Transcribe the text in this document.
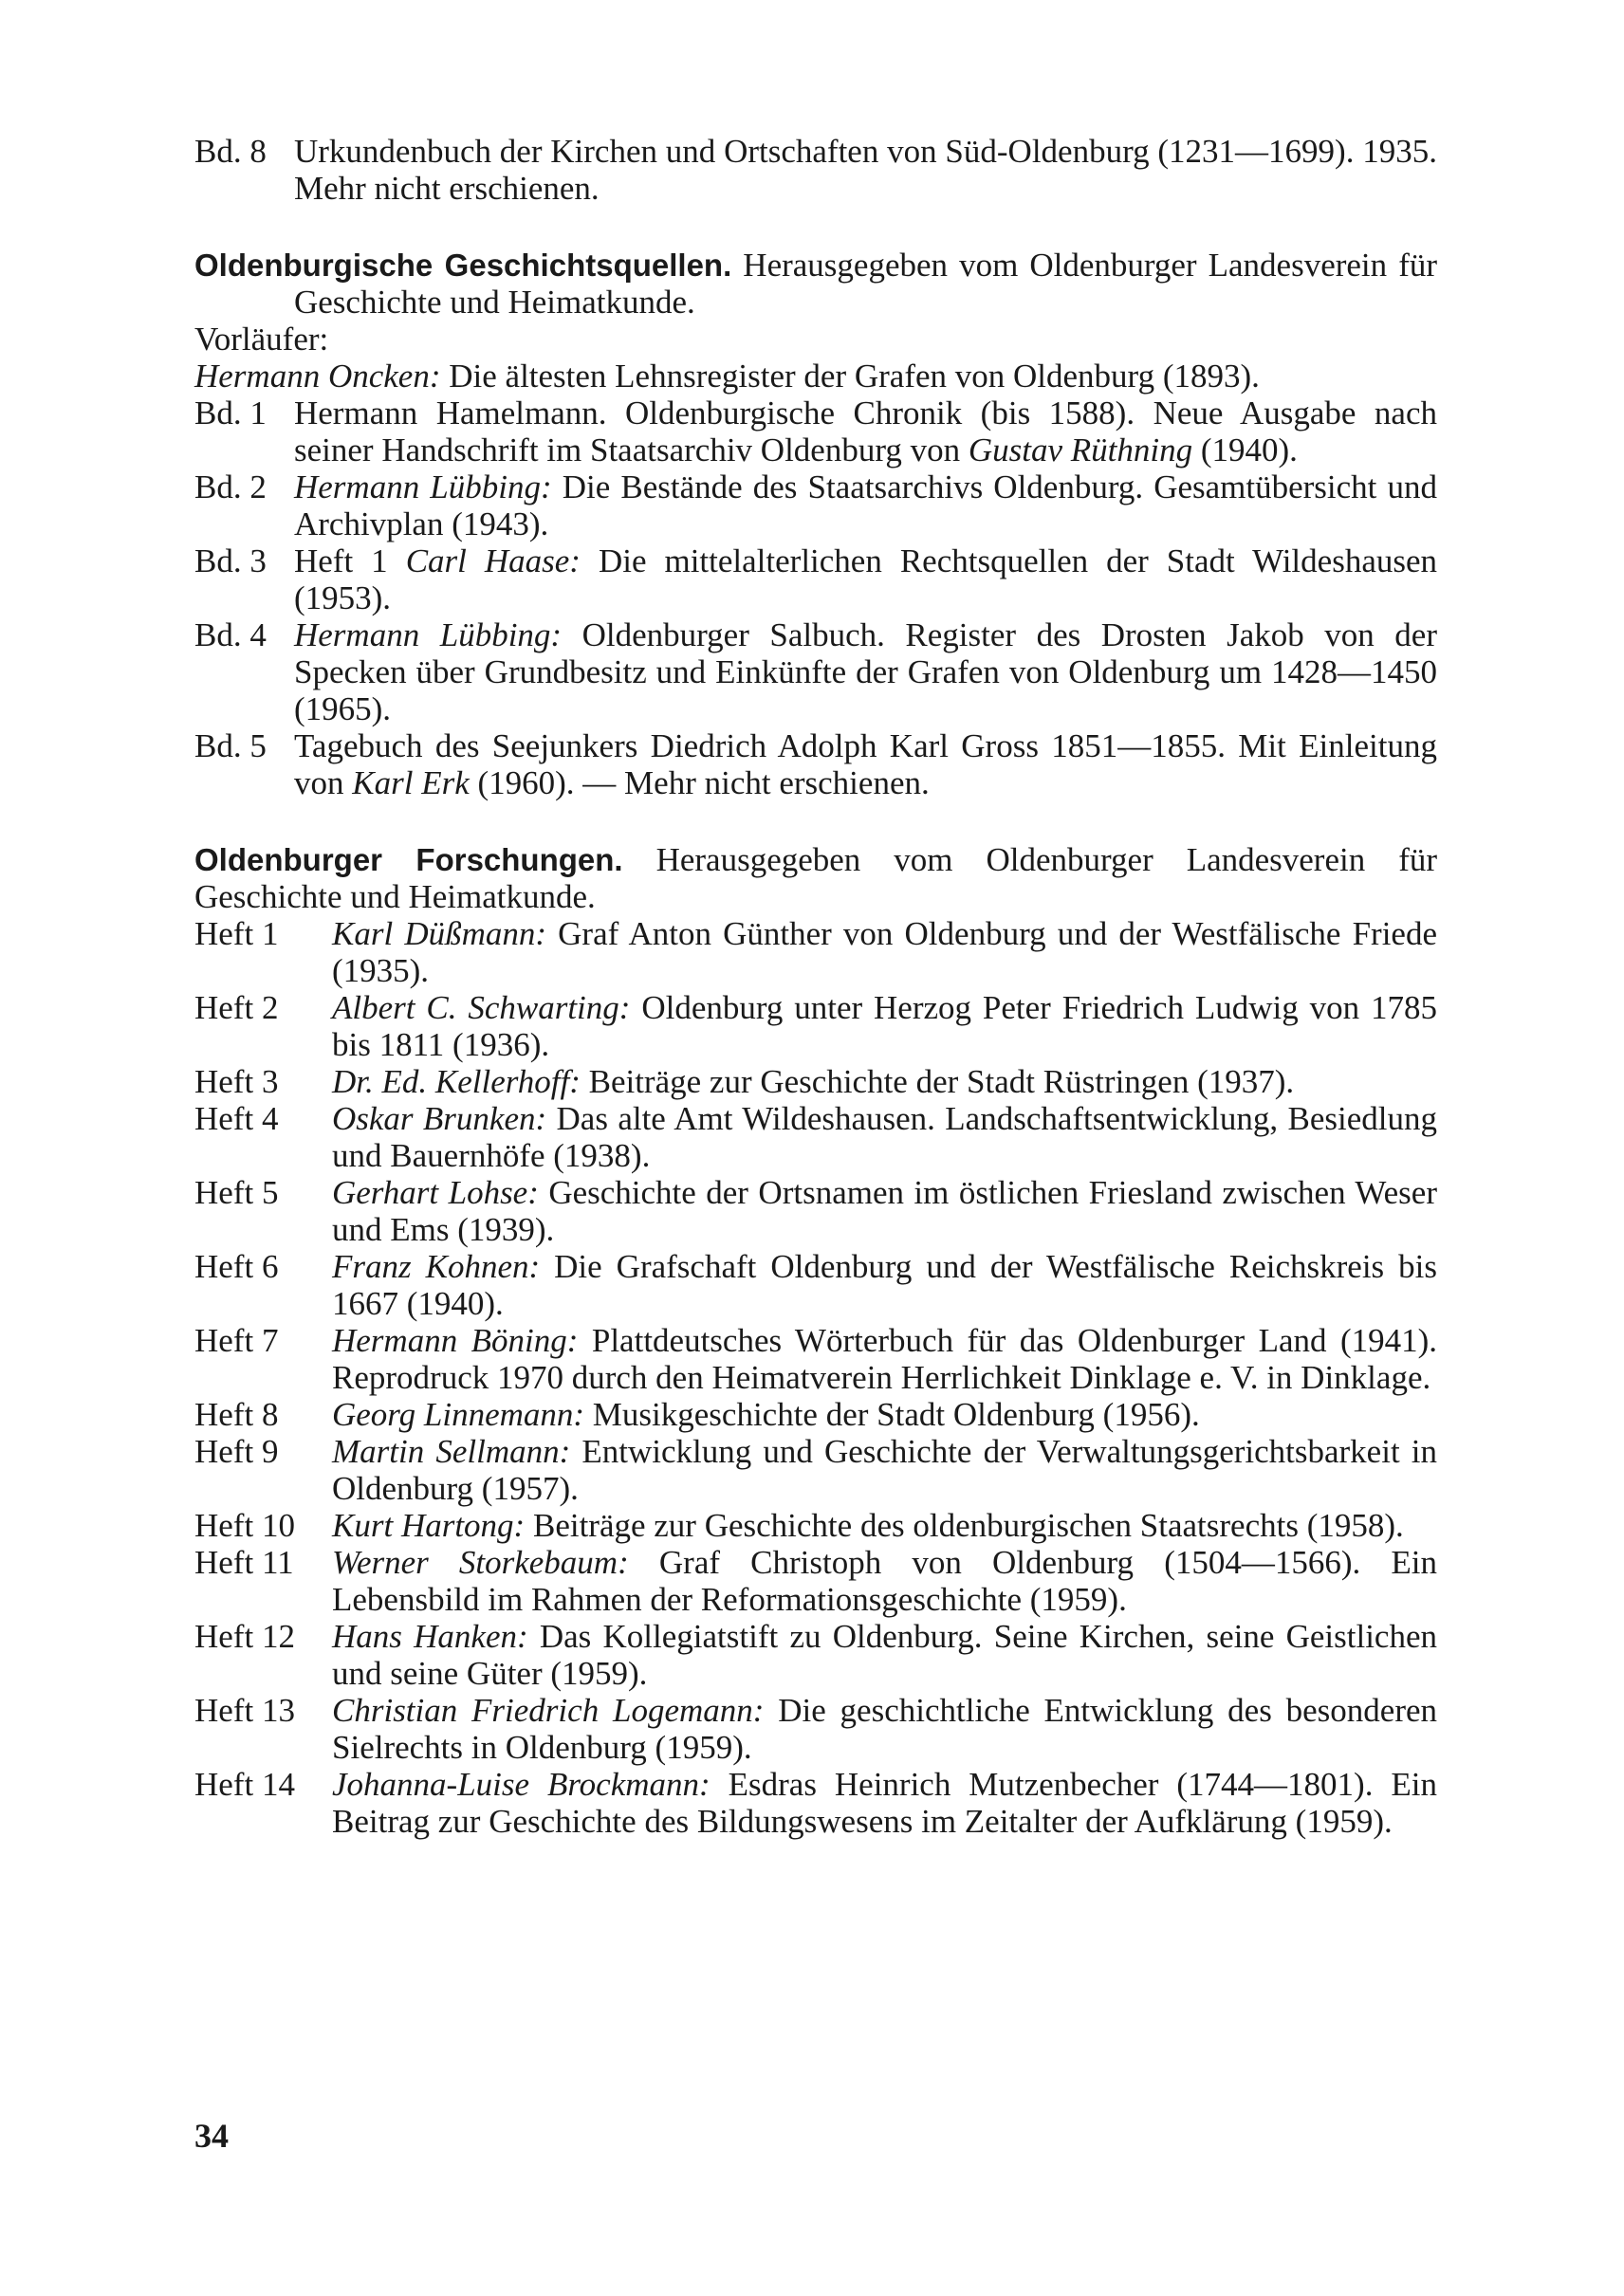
Bd. 8 Urkundenbuch der Kirchen und Ortschaften von Süd-Oldenburg (1231—1699). 1935. Mehr nicht erschienen.
Oldenburgische Geschichtsquellen. Herausgegeben vom Oldenburger Landesverein für Geschichte und Heimatkunde.
Vorläufer:
Hermann Oncken: Die ältesten Lehnsregister der Grafen von Oldenburg (1893).
Bd. 1 Hermann Hamelmann. Oldenburgische Chronik (bis 1588). Neue Ausgabe nach seiner Handschrift im Staatsarchiv Oldenburg von Gustav Rüthning (1940).
Bd. 2 Hermann Lübbing: Die Bestände des Staatsarchivs Oldenburg. Gesamtübersicht und Archivplan (1943).
Bd. 3 Heft 1 Carl Haase: Die mittelalterlichen Rechtsquellen der Stadt Wildeshausen (1953).
Bd. 4 Hermann Lübbing: Oldenburger Salbuch. Register des Drosten Jakob von der Specken über Grundbesitz und Einkünfte der Grafen von Oldenburg um 1428—1450 (1965).
Bd. 5 Tagebuch des Seejunkers Diedrich Adolph Karl Gross 1851—1855. Mit Einleitung von Karl Erk (1960). — Mehr nicht erschienen.
Oldenburger Forschungen. Herausgegeben vom Oldenburger Landesverein für Geschichte und Heimatkunde.
Heft 1	Karl Düßmann: Graf Anton Günther von Oldenburg und der Westfälische Friede (1935).
Heft 2	Albert C. Schwarting: Oldenburg unter Herzog Peter Friedrich Ludwig von 1785 bis 1811 (1936).
Heft 3	Dr. Ed. Kellerhoff: Beiträge zur Geschichte der Stadt Rüstringen (1937).
Heft 4	Oskar Brunken: Das alte Amt Wildeshausen. Landschaftsentwicklung, Besiedlung und Bauernhöfe (1938).
Heft 5	Gerhart Lohse: Geschichte der Ortsnamen im östlichen Friesland zwischen Weser und Ems (1939).
Heft 6	Franz Kohnen: Die Grafschaft Oldenburg und der Westfälische Reichskreis bis 1667 (1940).
Heft 7	Hermann Böning: Plattdeutsches Wörterbuch für das Oldenburger Land (1941). Reprodruck 1970 durch den Heimatverein Herrlichkeit Dinklage e. V. in Dinklage.
Heft 8	Georg Linnemann: Musikgeschichte der Stadt Oldenburg (1956).
Heft 9	Martin Sellmann: Entwicklung und Geschichte der Verwaltungsgerichtsbarkeit in Oldenburg (1957).
Heft 10	Kurt Hartong: Beiträge zur Geschichte des oldenburgischen Staatsrechts (1958).
Heft 11	Werner Storkebaum: Graf Christoph von Oldenburg (1504—1566). Ein Lebensbild im Rahmen der Reformationsgeschichte (1959).
Heft 12	Hans Hanken: Das Kollegiatstift zu Oldenburg. Seine Kirchen, seine Geistlichen und seine Güter (1959).
Heft 13	Christian Friedrich Logemann: Die geschichtliche Entwicklung des besonderen Sielrechts in Oldenburg (1959).
Heft 14	Johanna-Luise Brockmann: Esdras Heinrich Mutzenbecher (1744—1801). Ein Beitrag zur Geschichte des Bildungswesens im Zeitalter der Aufklärung (1959).
34
